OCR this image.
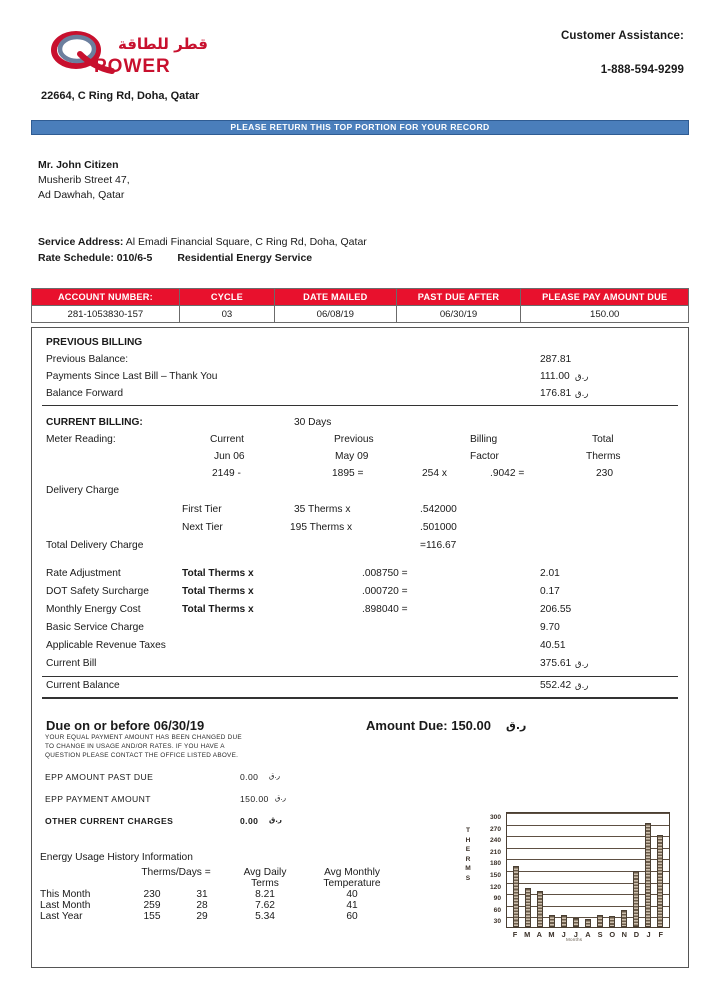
قطر للطاقة
POWER
Customer Assistance:
1-888-594-9299
22664, C Ring Rd, Doha, Qatar
PLEASE RETURN THIS TOP PORTION FOR YOUR RECORD
Mr. John Citizen
Musherib Street 47,
Ad Dawhah, Qatar
Service Address: Al Emadi Financial Square, C Ring Rd, Doha, Qatar
Rate Schedule: 010/6-5 Residential Energy Service
ACCOUNT NUMBER:	CYCLE	DATE MAILED	PAST DUE AFTER	PLEASE PAY AMOUNT DUE
281-1053830-157	03	06/08/19	06/30/19	150.00
PREVIOUS BILLING
Previous Balance:	287.81
Payments Since Last Bill – Thank You	111.00 ر.ق
Balance Forward	176.81 ر.ق
CURRENT BILLING:	30 Days
Meter Reading:	Current	Previous	Billing	Total
Jun 06	May 09	Factor	Therms
2149 -	1895 =	254 x	.9042 =	230
Delivery Charge
First Tier	35 Therms x	.542000
Next Tier	195 Therms x	.501000
Total Delivery Charge	=116.67
Rate Adjustment	Total Therms x	.008750 =	2.01
DOT Safety Surcharge	Total Therms x	.000720 =	0.17
Monthly Energy Cost	Total Therms x	.898040 =	206.55
Basic Service Charge	9.70
Applicable Revenue Taxes	40.51
Current Bill	375.61 ر.ق
Current Balance	552.42 ر.ق
Due on or before 06/30/19	Amount Due: 150.00 ر.ق
YOUR EQUAL PAYMENT AMOUNT HAS BEEN CHANGED DUE
TO CHANGE IN USAGE AND/OR RATES. IF YOU HAVE A
QUESTION PLEASE CONTACT THE OFFICE LISTED ABOVE.
EPP AMOUNT PAST DUE	0.00 ر.ق
EPP PAYMENT AMOUNT	150.00 ر.ق
OTHER CURRENT CHARGES	0.00 ر.ق
Energy Usage History Information
	Therms/Days =		Avg Daily	Avg Monthly
			Terms	Temperature
This Month	230	31	8.21	40
Last Month	259	28	7.62	41
Last Year	155	29	5.34	60
T
H
E
R
M
S
300
270
240
210
180
150
120
90
60
30
F M A M J J A S O N D J F
Months
